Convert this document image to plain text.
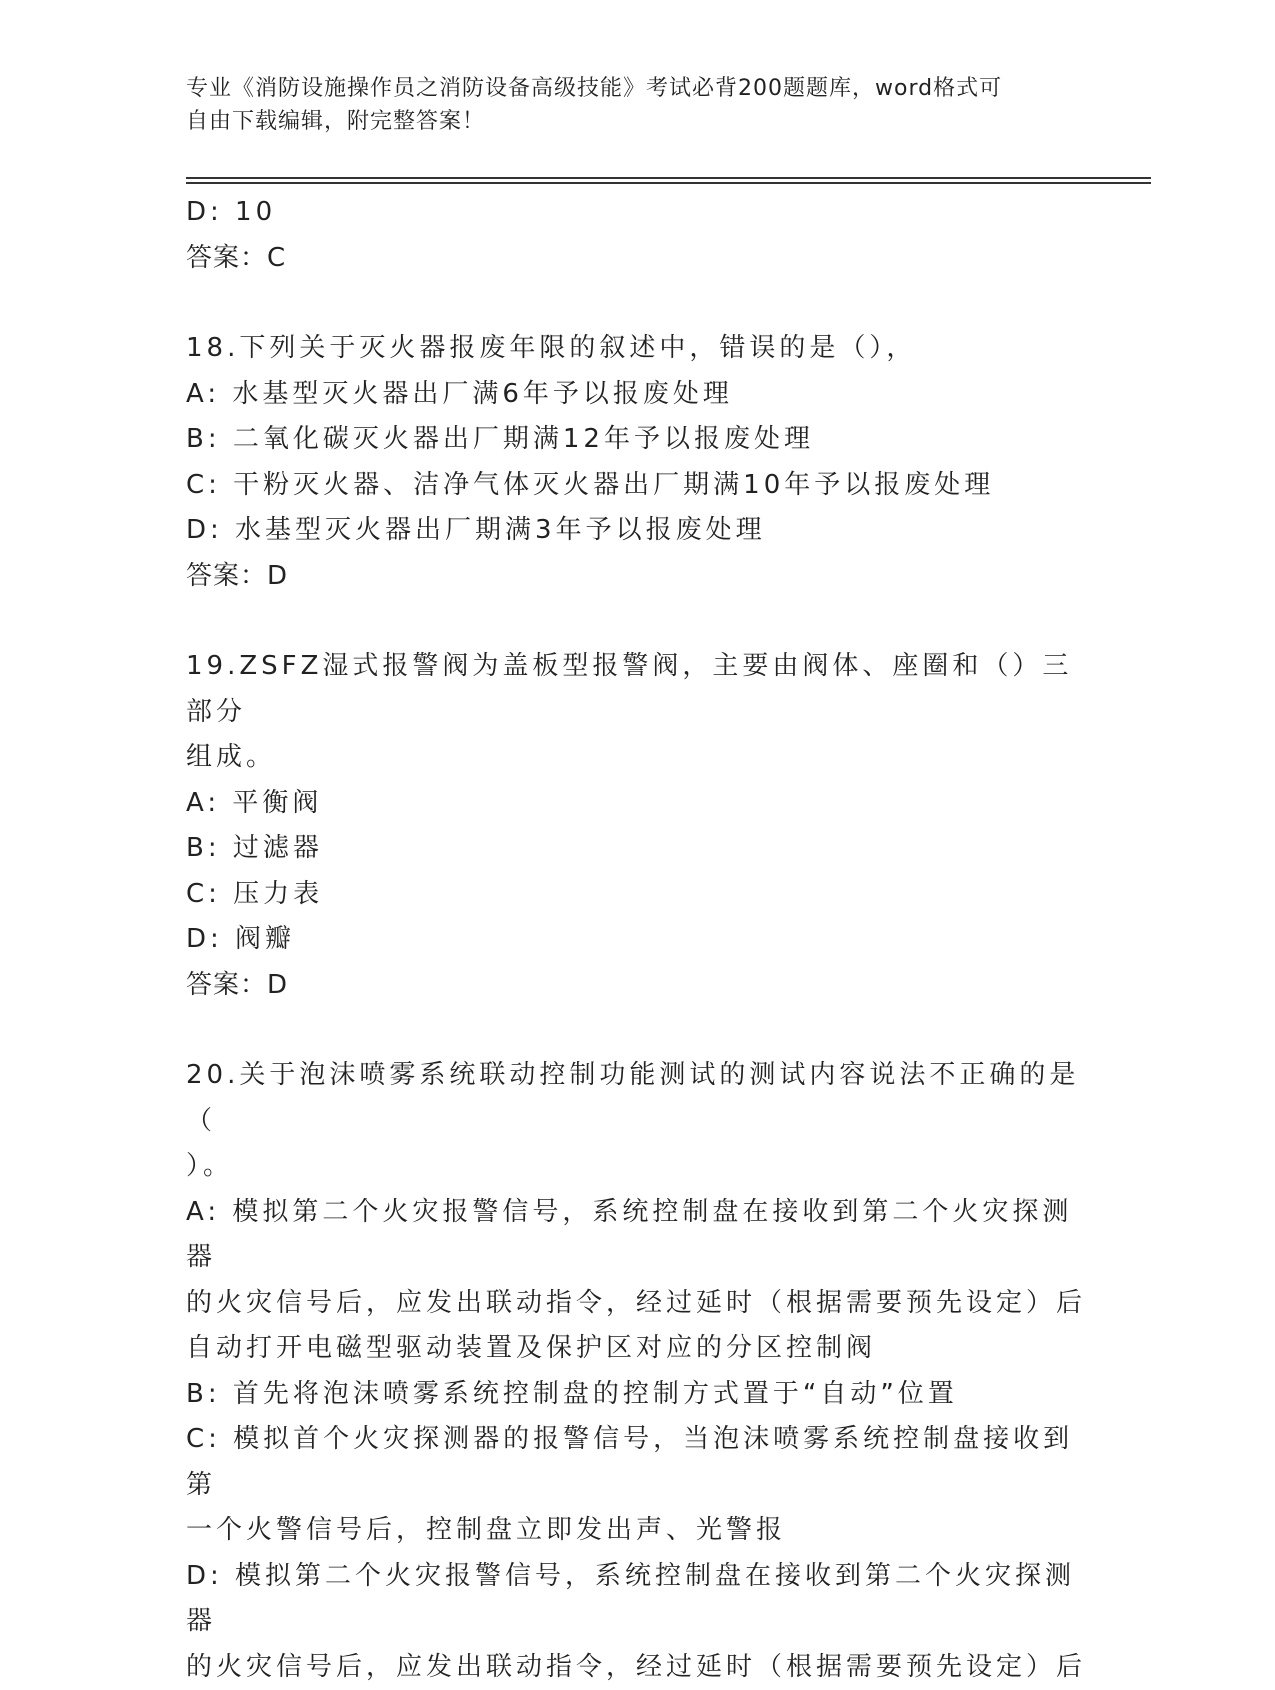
专业《消防设施操作员之消防设备高级技能》考试必背200题题库，word格式可
自由下载编辑，附完整答案！

D: 10

答案：C

18.下列关于灭火器报废年限的叙述中，错误的是（），

A: 水基型灭火器出厂满6年予以报废处理

B: 二氧化碳灭火器出厂期满12年予以报废处理

C: 干粉灭火器、洁净气体灭火器出厂期满10年予以报废处理

D: 水基型灭火器出厂期满3年予以报废处理

答案：D

19.ZSFZ湿式报警阀为盖板型报警阀，主要由阀体、座圈和（）三部分

组成。

A: 平衡阀

B: 过滤器

C: 压力表

D: 阀瓣

答案：D

20.关于泡沫喷雾系统联动控制功能测试的测试内容说法不正确的是（

）。

A: 模拟第二个火灾报警信号，系统控制盘在接收到第二个火灾探测器

的火灾信号后，应发出联动指令，经过延时（根据需要预先设定）后

自动打开电磁型驱动装置及保护区对应的分区控制阀

B: 首先将泡沫喷雾系统控制盘的控制方式置于“自动”位置

C: 模拟首个火灾探测器的报警信号，当泡沫喷雾系统控制盘接收到第

一个火警信号后，控制盘立即发出声、光警报

D: 模拟第二个火灾报警信号，系统控制盘在接收到第二个火灾探测器

的火灾信号后，应发出联动指令，经过延时（根据需要预先设定）后
